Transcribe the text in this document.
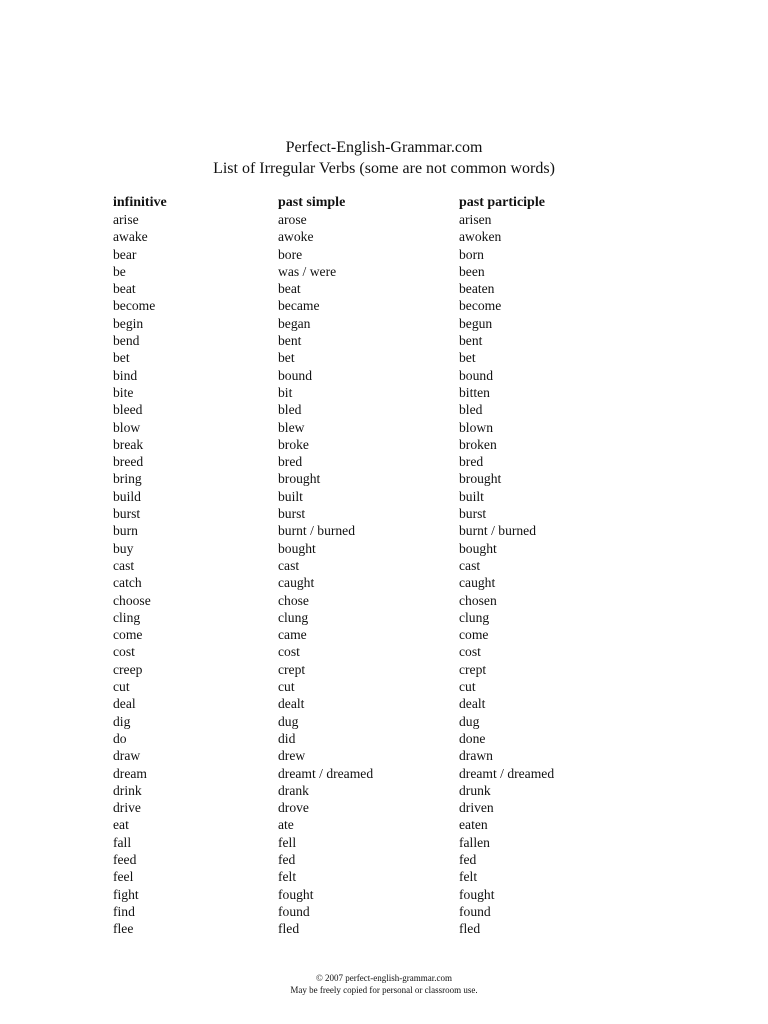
Perfect-English-Grammar.com
List of Irregular Verbs (some are not common words)
infinitive	past simple	past participle
arise	arose	arisen
awake	awoke	awoken
bear	bore	born
be	was / were	been
beat	beat	beaten
become	became	become
begin	began	begun
bend	bent	bent
bet	bet	bet
bind	bound	bound
bite	bit	bitten
bleed	bled	bled
blow	blew	blown
break	broke	broken
breed	bred	bred
bring	brought	brought
build	built	built
burst	burst	burst
burn	burnt / burned	burnt / burned
buy	bought	bought
cast	cast	cast
catch	caught	caught
choose	chose	chosen
cling	clung	clung
come	came	come
cost	cost	cost
creep	crept	crept
cut	cut	cut
deal	dealt	dealt
dig	dug	dug
do	did	done
draw	drew	drawn
dream	dreamt / dreamed	dreamt / dreamed
drink	drank	drunk
drive	drove	driven
eat	ate	eaten
fall	fell	fallen
feed	fed	fed
feel	felt	felt
fight	fought	fought
find	found	found
flee	fled	fled
© 2007 perfect-english-grammar.com
May be freely copied for personal or classroom use.
